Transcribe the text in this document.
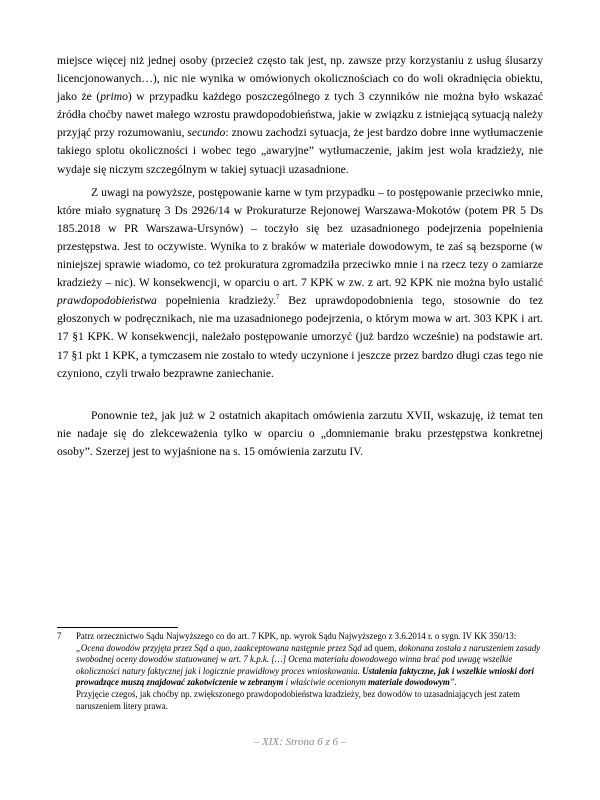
miejsce więcej niż jednej osoby (przecież często tak jest, np. zawsze przy korzystaniu z usług ślusarzy licencjonowanych…), nic nie wynika w omówionych okolicznościach co do woli okradnięcia obiektu, jako że (primo) w przypadku każdego poszczególnego z tych 3 czynników nie można było wskazać źródła choćby nawet małego wzrostu prawdopodobieństwa, jakie w związku z istniejącą sytuacją należy przyjąć przy rozumowaniu, secundo: znowu zachodzi sytuacja, że jest bardzo dobre inne wytłumaczenie takiego splotu okoliczności i wobec tego „awaryjne” wytłumaczenie, jakim jest wola kradzieży, nie wydaje się niczym szczególnym w takiej sytuacji uzasadnione.

Z uwagi na powyższe, postępowanie karne w tym przypadku – to postępowanie przeciwko mnie, które miało sygnaturę 3 Ds 2926/14 w Prokuraturze Rejonowej Warszawa-Mokotów (potem PR 5 Ds 185.2018 w PR Warszawa-Ursynów) – toczyło się bez uzasadnionego podejrzenia popełnienia przestępstwa. Jest to oczywiste. Wynika to z braków w materiale dowodowym, te zaś są bezsporne (w niniejszej sprawie wiadomo, co też prokuratura zgromadziła przeciwko mnie i na rzecz tezy o zamiarze kradzieży – nic). W konsekwencji, w oparciu o art. 7 KPK w zw. z art. 92 KPK nie można było ustalić prawdopodobieństwa popełnienia kradzieży.$^7$ Bez uprawdopodobnienia tego, stosownie do tez głoszonych w podręcznikach, nie ma uzasadnionego podejrzenia, o którym mowa w art. 303 KPK i art. 17 §1 KPK. W konsekwencji, należało postępowanie umorzyć (już bardzo wcześnie) na podstawie art. 17 §1 pkt 1 KPK, a tymczasem nie zostało to wtedy uczynione i jeszcze przez bardzo długi czas tego nie czyniono, czyli trwało bezprawne zaniechanie.

Ponownie też, jak już w 2 ostatnich akapitach omówienia zarzutu XVII, wskazuję, iż temat ten nie nadaje się do zlekceważenia tylko w oparciu o „domniemanie braku przestępstwa konkretnej osoby”. Szerzej jest to wyjaśnione na s. 15 omówienia zarzutu IV.

7 Patrz orzecznictwo Sądu Najwyższego co do art. 7 KPK, np. wyrok Sądu Najwyższego z 3.6.2014 r. o sygn. IV KK 350/13: „Ocena dowodów przyjęta przez Sąd a quo, zaakceptowana następnie przez Sąd ad quem, dokonana została z naruszeniem zasady swobodnej oceny dowodów statuowanej w art. 7 k.p.k. […] Ocena materiału dowodowego winna brać pod uwagę wszelkie okoliczności natury faktycznej jak i logicznie prawidłowy proces wnioskowania. Ustalenia faktyczne, jak i wszelkie wnioski dori prowadzące muszą znajdować zakotwiczenie w zebranym i właściwie ocenionym materiale dowodowym”.

Przyjęcie czegoś, jak choćby np. zwiększonego prawdopodobieństwa kradzieży, bez dowodów to uzasadniających jest zatem naruszeniem litery prawa.

– XIX: Strona 6 z 6 –
